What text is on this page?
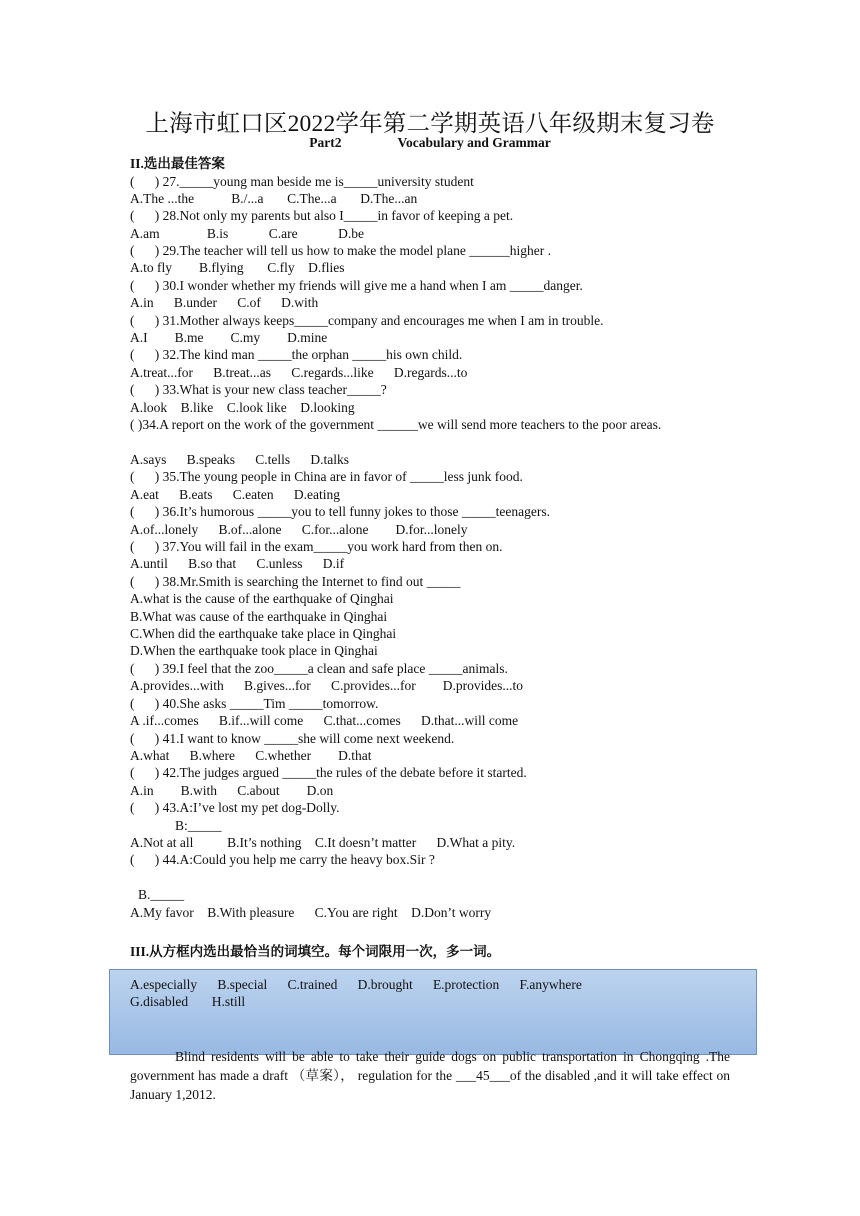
上海市虹口区2022学年第二学期英语八年级期末复习卷
Part2	Vocabulary and Grammar
II.选出最佳答案
(      ) 27._____young man beside me is_____university student
A.The ...the           B./...a       C.The...a       D.The...an
(      ) 28.Not only my parents but also I_____in favor of keeping a pet.
A.am              B.is            C.are            D.be
(      ) 29.The teacher will tell us how to make the model plane ______higher .
A.to fly        B.flying       C.fly    D.flies
(      ) 30.I wonder whether my friends will give me a hand when I am _____danger.
A.in      B.under      C.of      D.with
(      ) 31.Mother always keeps_____company and encourages me when I am in trouble.
A.I        B.me        C.my        D.mine
(      ) 32.The kind man _____the orphan _____his own child.
A.treat...for      B.treat...as      C.regards...like      D.regards...to
(      ) 33.What is your new class teacher_____?
A.look    B.like    C.look like    D.looking
( )34.A report on the work of the government ______we will send more teachers to the poor areas.
A.says      B.speaks      C.tells      D.talks
(      ) 35.The young people in China are in favor of _____less junk food.
A.eat      B.eats      C.eaten      D.eating
(      ) 36.It’s humorous _____you to tell funny jokes to those _____teenagers.
A.of...lonely      B.of...alone      C.for...alone        D.for...lonely
(      ) 37.You will fail in the exam_____you work hard from then on.
A.until      B.so that      C.unless      D.if
(      ) 38.Mr.Smith is searching the Internet to find out _____
A.what is the cause of the earthquake of Qinghai
B.What was cause of the earthquake in Qinghai
C.When did the earthquake take place in Qinghai
D.When the earthquake took place in Qinghai
(      ) 39.I feel that the zoo_____a clean and safe place _____animals.
A.provides...with      B.gives...for      C.provides...for        D.provides...to
(      ) 40.She asks _____Tim _____tomorrow.
A .if...comes      B.if...will come      C.that...comes      D.that...will come
(      ) 41.I want to know _____she will come next weekend.
A.what      B.where      C.whether        D.that
(      ) 42.The judges argued _____the rules of the debate before it started.
A.in        B.with      C.about        D.on
(      ) 43.A:I’ve lost my pet dog-Dolly.
B:_____
A.Not at all          B.It’s nothing    C.It doesn’t matter      D.What a pity.
(      ) 44.A:Could you help me carry the heavy box.Sir ?
B._____
A.My favor    B.With pleasure      C.You are right    D.Don’t worry
III.从方框内选出最恰当的词填空。每个词限用一次，多一词。
A.especially      B.special      C.trained      D.brought      E.protection      F.anywhere
G.disabled       H.still
Blind residents will be able to take their guide dogs on public transportation in Chongqing .The government has made a draft （草案）， regulation for the ___45___of the disabled ,and it will take effect on January 1,2012.
